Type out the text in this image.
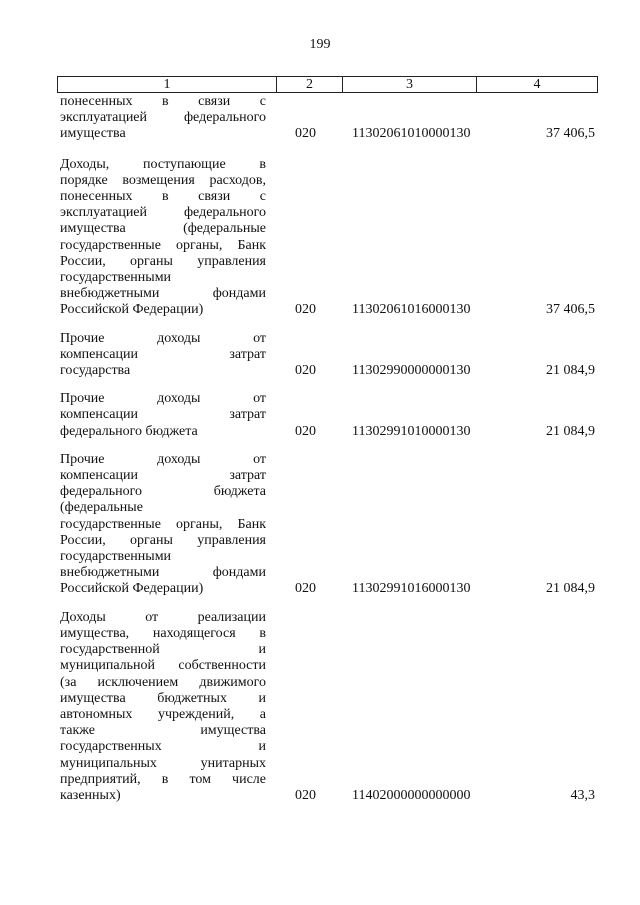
199
1	2	3	4
понесенных в связи с
эксплуатацией федерального
имущества	020	11302061010000130	37 406,5
Доходы, поступающие в
порядке возмещения расходов,
понесенных в связи с
эксплуатацией федерального
имущества (федеральные
государственные органы, Банк
России, органы управления
государственными
внебюджетными фондами
Российской Федерации)	020	11302061016000130	37 406,5
Прочие доходы от
компенсации затрат
государства	020	11302990000000130	21 084,9
Прочие доходы от
компенсации затрат
федерального бюджета	020	11302991010000130	21 084,9
Прочие доходы от
компенсации затрат
федерального бюджета
(федеральные
государственные органы, Банк
России, органы управления
государственными
внебюджетными фондами
Российской Федерации)	020	11302991016000130	21 084,9
Доходы от реализации
имущества, находящегося в
государственной и
муниципальной собственности
(за исключением движимого
имущества бюджетных и
автономных учреждений, а
также имущества
государственных и
муниципальных унитарных
предприятий, в том числе
казенных)	020	11402000000000000	43,3
